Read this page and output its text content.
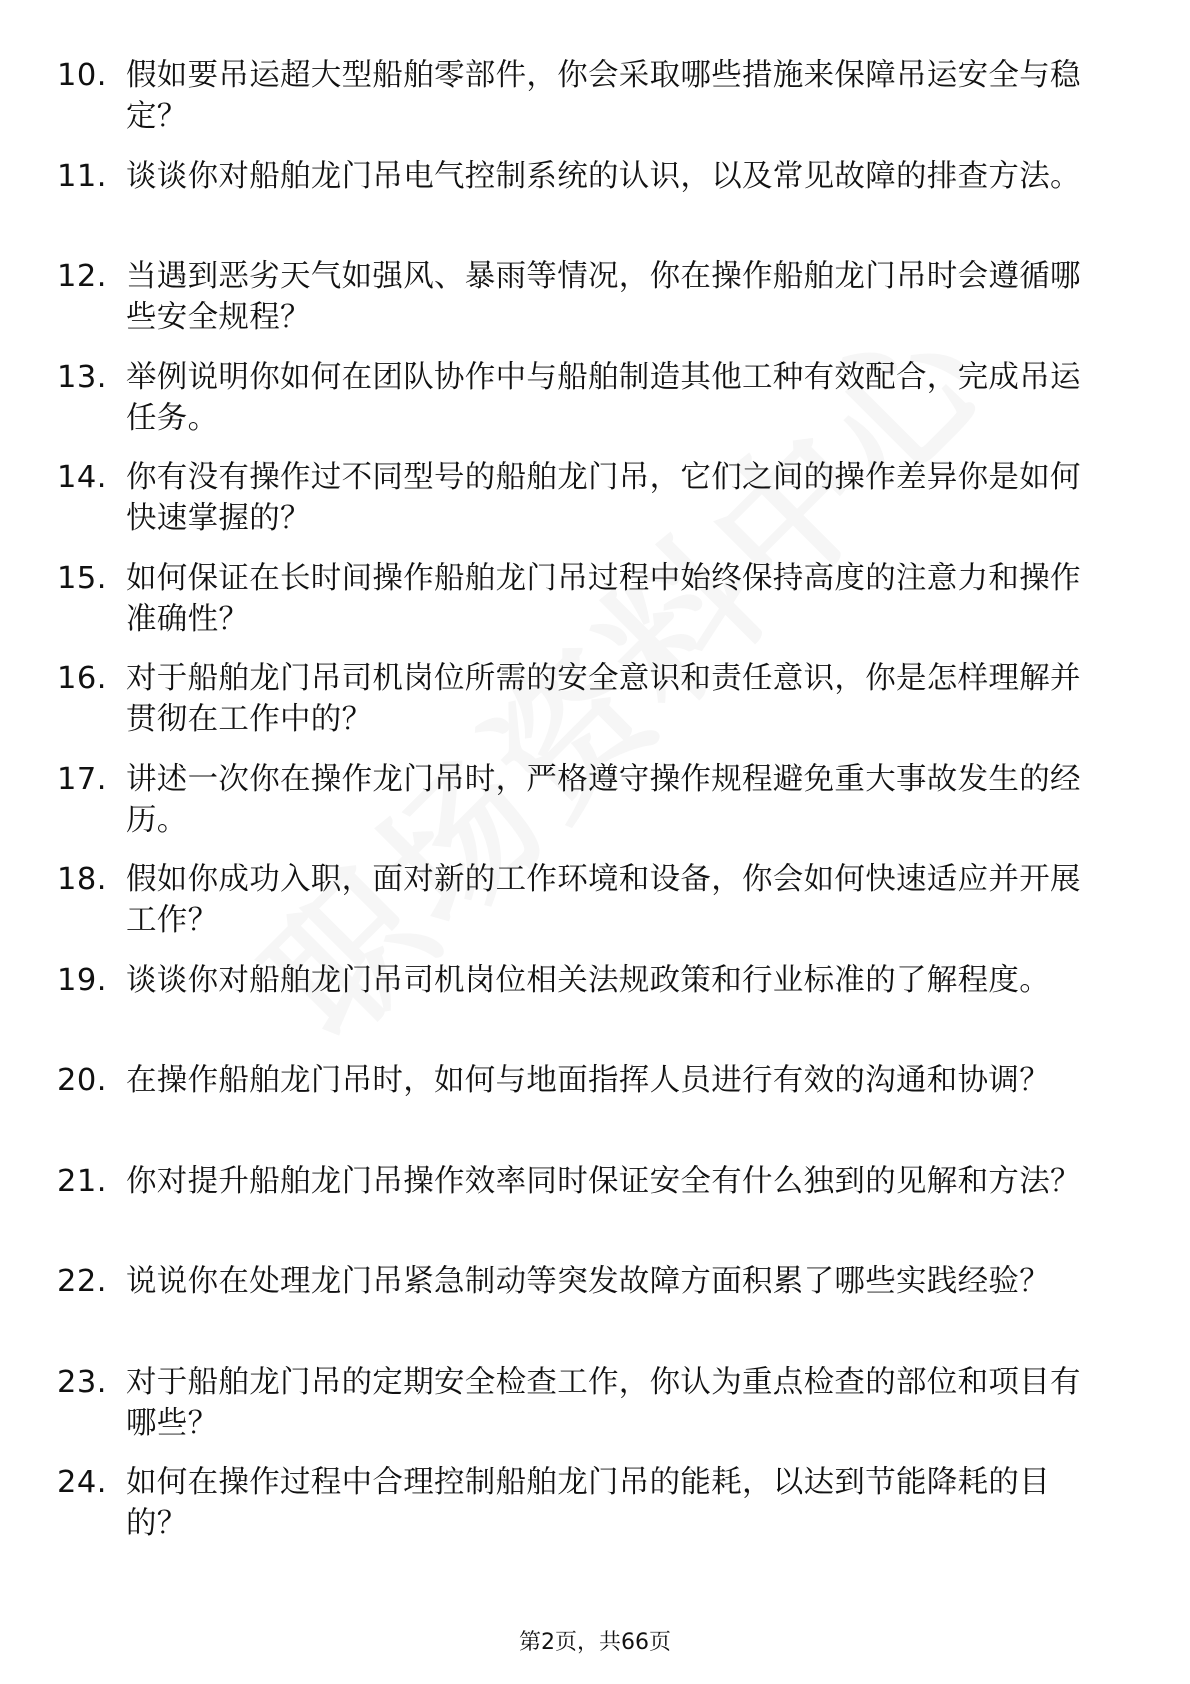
10. 假如要吊运超大型船舶零部件，你会采取哪些措施来保障吊运安全与稳定？
11. 谈谈你对船舶龙门吊电气控制系统的认识，以及常见故障的排查方法。
12. 当遇到恶劣天气如强风、暴雨等情况，你在操作船舶龙门吊时会遵循哪些安全规程？
13. 举例说明你如何在团队协作中与船舶制造其他工种有效配合，完成吊运任务。
14. 你有没有操作过不同型号的船舶龙门吊，它们之间的操作差异你是如何快速掌握的？
15. 如何保证在长时间操作船舶龙门吊过程中始终保持高度的注意力和操作准确性？
16. 对于船舶龙门吊司机岗位所需的安全意识和责任意识，你是怎样理解并贯彻在工作中的？
17. 讲述一次你在操作龙门吊时，严格遵守操作规程避免重大事故发生的经历。
18. 假如你成功入职，面对新的工作环境和设备，你会如何快速适应并开展工作？
19. 谈谈你对船舶龙门吊司机岗位相关法规政策和行业标准的了解程度。
20. 在操作船舶龙门吊时，如何与地面指挥人员进行有效的沟通和协调？
21. 你对提升船舶龙门吊操作效率同时保证安全有什么独到的见解和方法？
22. 说说你在处理龙门吊紧急制动等突发故障方面积累了哪些实践经验？
23. 对于船舶龙门吊的定期安全检查工作，你认为重点检查的部位和项目有哪些？
24. 如何在操作过程中合理控制船舶龙门吊的能耗，以达到节能降耗的目的？
第2页，共66页
